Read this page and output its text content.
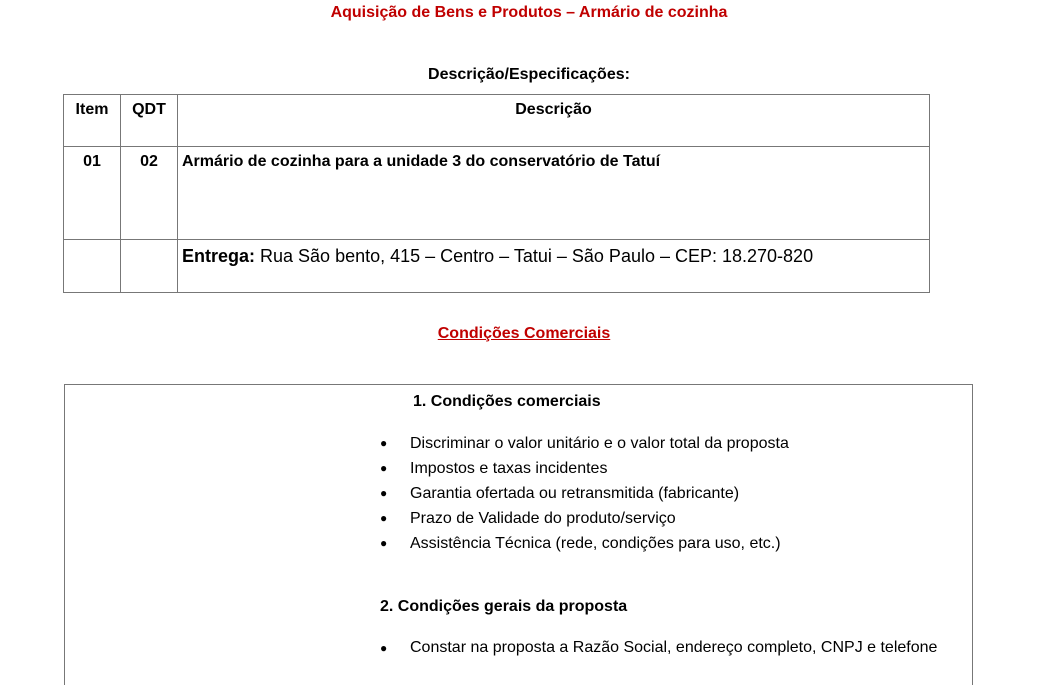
Aquisição de Bens e Produtos – Armário de cozinha
Descrição/Especificações:
Item	QDT	Descrição
01	02	Armário de cozinha para a unidade 3 do conservatório de Tatuí
		Entrega: Rua São bento, 415 – Centro – Tatui – São Paulo – CEP: 18.270-820
Condições Comerciais
1. Condições comerciais
● Discriminar o valor unitário e o valor total da proposta
● Impostos e taxas incidentes
● Garantia ofertada ou retransmitida (fabricante)
● Prazo de Validade do produto/serviço
● Assistência Técnica (rede, condições para uso, etc.)
2. Condições gerais da proposta
● Constar na proposta a Razão Social, endereço completo, CNPJ e telefone
